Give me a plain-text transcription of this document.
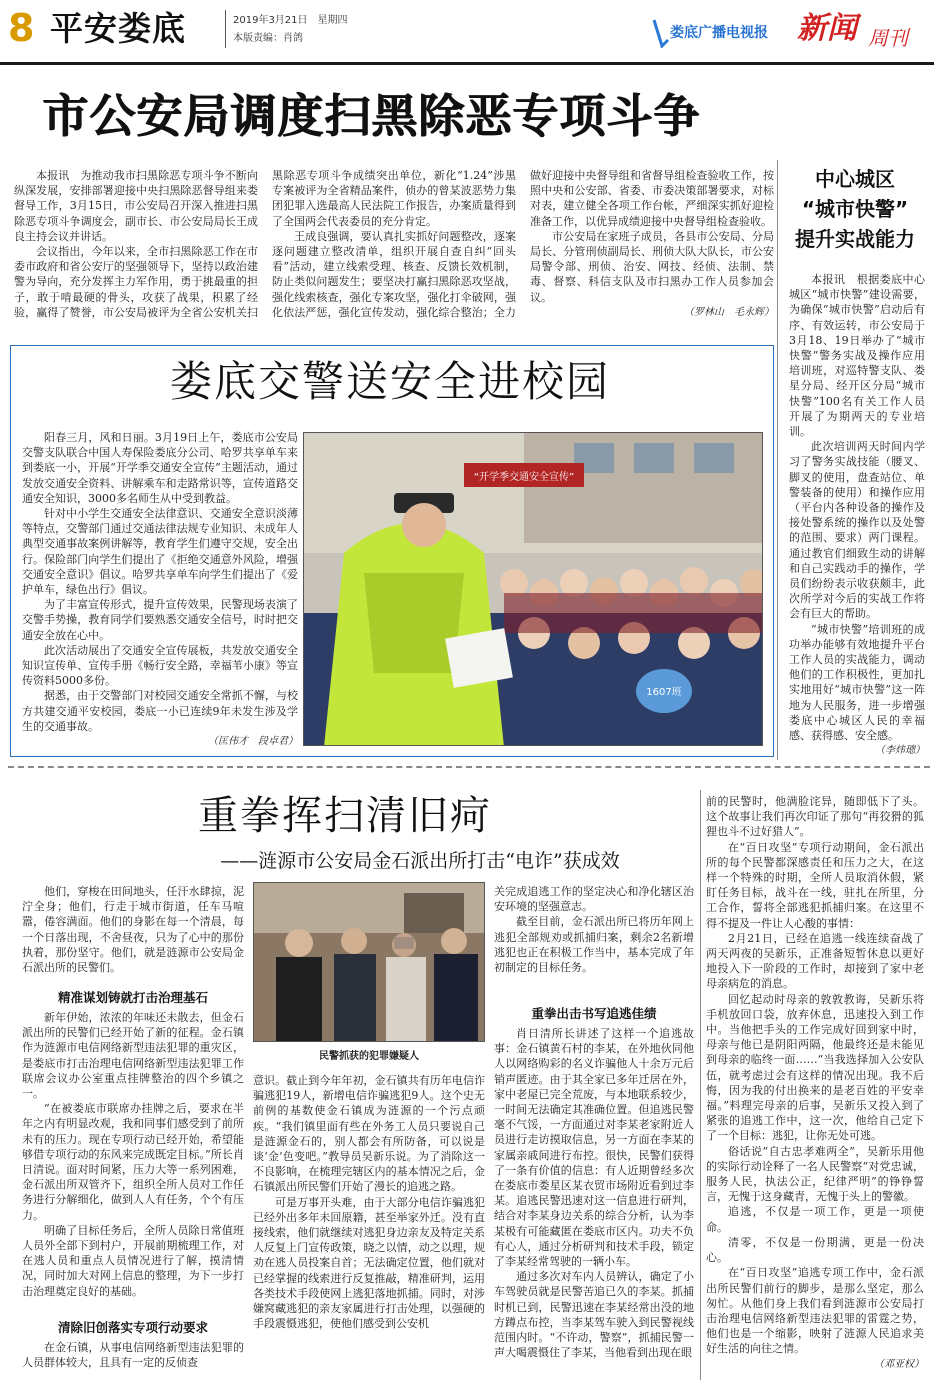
8 平安娄底	2019年3月21日　星期四
本版责编：肖鸽	娄底广播电视报 新闻 周刊
市公安局调度扫黑除恶专项斗争

本报讯　为推动我市扫黑除恶专项斗争不断向纵深发展，安排部署迎接中央扫黑除恶督导组来娄督导工作，3月15日，市公安局召开深入推进扫黑除恶专项斗争调度会，副市长、市公安局局长王成良主持会议并讲话。

会议指出，今年以来，全市扫黑除恶工作在市委市政府和省公安厅的坚强领导下，坚持以政治建警为导向，充分发挥主力军作用，勇于挑最重的担子，敢于啃最硬的骨头，攻获了战果，积累了经验，赢得了赞誉，市公安局被评为全省公安机关扫黑除恶专项斗争成绩突出单位，新化“1.24”涉黑专案被评为全省精品案件，侦办的曾某波恶势力集团犯罪入选最高人民法院工作报告，办案质量得到了全国两会代表委员的充分肯定。

王成良强调，要认真扎实抓好问题整改，逐案逐问题建立整改清单，组织开展自查自纠“回头看”活动，建立线索受理、核查、反馈长效机制，防止类似问题发生；要坚决打赢扫黑除恶攻坚战，强化线索核查，强化专案攻坚，强化打伞破网，强化依法严惩，强化宣传发动，强化综合整治；全力做好迎接中央督导组和省督导组检查验收工作，按照中央和公安部、省委、市委决策部署要求，对标对表，建立健全各项工作台帐，严细深实抓好迎检准备工作，以优异成绩迎接中央督导组检查验收。

市公安局在家班子成员，各县市公安局、分局局长、分管刑侦副局长、刑侦大队大队长，市公安局警令部、刑侦、治安、网技、经侦、法制、禁毒、督察、科信支队及市扫黑办工作人员参加会议。

（罗林山　毛永辉）
中心城区
“城市快警”
提升实战能力

本报讯　根据娄底中心城区“城市快警”建设需要，为确保“城市快警”启动后有序、有效运转，市公安局于3月18、19日举办了“城市快警”警务实战及操作应用培训班，对巡特警支队、娄星分局、经开区分局“城市快警”100名有关工作人员开展了为期两天的专业培训。

此次培训两天时间内学习了警务实战技能（腰叉、脚叉的使用，盘查站位、单警装备的使用）和操作应用（平台内各种设备的操作及接处警系统的操作以及处警的范围、要求）两门课程。通过教官们细致生动的讲解和自己实践动手的操作，学员们纷纷表示收获颇丰，此次所学对今后的实战工作将会有巨大的帮助。

“城市快警”培训班的成功举办能够有效地提升平台工作人员的实战能力，调动他们的工作积极性，更加扎实地用好“城市快警”这一阵地为人民服务，进一步增强娄底中心城区人民的幸福感、获得感、安全感。

（李炜璁）
娄底交警送安全进校园

阳春三月，风和日丽。3月19日上午，娄底市公安局交警支队联合中国人寿保险娄底分公司、哈罗共享单车来到娄底一小，开展“开学季交通安全宣传”主题活动，通过发放交通安全资料、讲解乘车和走路常识等，宣传道路交通安全知识，3000多名师生从中受到教益。

针对中小学生交通安全法律意识、交通安全意识淡薄等特点，交警部门通过交通法律法规专业知识、未成年人典型交通事故案例讲解等，教育学生们遵守交规，安全出行。保险部门向学生们提出了《拒绝交通意外风险，增强交通安全意识》倡议。哈罗共享单车向学生们提出了《爱护单车，绿色出行》倡议。

为了丰富宣传形式，提升宣传效果，民警现场表演了交警手势操，教育同学们要熟悉交通安全信号，时时把交通安全放在心中。

此次活动展出了交通安全宣传展板，共发放交通安全知识宣传单、宣传手册《畅行安全路，幸福苇小康》等宣传资料5000多份。

据悉，由于交警部门对校园交通安全常抓不懈，与校方共建交通平安校园，娄底一小已连续9年未发生涉及学生的交通事故。

（匡伟才　段卓君）
“开学季交通安全宣传”
1607班
重拳挥扫清旧疴
——涟源市公安局金石派出所打击“电诈”获成效

他们，穿梭在田间地头，任汗水肆掠，泥泞全身；他们，行走于城市街道，任车马喧嚣，倦容满面。他们的身影在每一个清晨，每一个日落出现，不舍昼夜，只为了心中的那份执着，那份坚守。他们，就是涟源市公安局金石派出所的民警们。

精准谋划铸就打击治理基石

新年伊始，浓浓的年味还未散去，但金石派出所的民警们已经开始了新的征程。金石镇作为涟源市电信网络新型违法犯罪的重灾区，是娄底市打击治理电信网络新型违法犯罪工作联席会议办公室重点挂牌整治的四个乡镇之一。

“在被娄底市联席办挂牌之后，要求在半年之内有明显改观，我和同事们感受到了前所未有的压力。现在专项行动已经开始，希望能够借专项行动的东风来完成既定目标。”所长肖日清说。面对时间紧，压力大等一系列困难，金石派出所双管齐下，组织全所人员对工作任务进行分解细化，做到人人有任务，个个有压力。

明确了目标任务后，全所人员除日常值班人员外全部下到村户，开展前期梳理工作，对在逃人员和重点人员情况进行了解，摸清情况，同时加大对网上信息的整理，为下一步打击治理奠定良好的基础。

清除旧创落实专项行动要求

在金石镇，从事电信网络新型违法犯罪的人员群体较大，且具有一定的反侦查

民警抓获的犯罪嫌疑人

意识。截止到今年年初，金石镇共有历年电信诈骗逃犯19人，新增电信诈骗逃犯9人。这个史无前例的基数使金石镇成为涟源的一个污点顽疾。“我们镇里面有些在外务工人员只要说自己是涟源金石的，别人都会有所防备，可以说是谈‘金’色变吧。”教导员吴新乐说。为了消除这一不良影响，在梳理完辖区内的基本情况之后，金石镇派出所民警们开始了漫长的追逃之路。

可是万事开头难，由于大部分电信诈骗逃犯已经外出多年未回原籍，甚至举家外迁。没有直接线索，他们就继续对逃犯身边亲友及特定关系人反复上门宣传政策，晓之以情，动之以理，规劝在逃人员投案自首；无法确定位置，他们就对已经掌握的线索进行反复推敲，精准研判，运用各类技术手段使网上逃犯落地抓捕。同时，对涉嫌窝藏逃犯的亲友家属进行打击处理，以强硬的手段震慑逃犯，使他们感受到公安机

关完成追逃工作的坚定决心和净化辖区治安环境的坚强意志。

截至目前，金石派出所已将历年网上逃犯全部规劝或抓捕归案，剩余2名新增逃犯也正在积极工作当中，基本完成了年初制定的目标任务。

重拳出击书写追逃佳绩

肖日清所长讲述了这样一个追逃故事：金石镇黄石村的李某，在外地伙同他人以网络购彩的名义诈骗他人十余万元后销声匿迹。由于其全家已多年迁居在外，家中老屋已完全荒废，与本地联系较少，一时间无法确定其准确位置。但追逃民警毫不气馁，一方面通过对李某老家附近人员进行走访摸取信息，另一方面在李某的家属亲戚间进行布控。很快，民警们获得了一条有价值的信息：有人近期曾经多次在娄底市娄星区某衣贸市场附近看到过李某。追逃民警迅速对这一信息进行研判，结合对李某身边关系的综合分析，认为李某极有可能藏匿在娄底市区内。功夫不负有心人，通过分析研判和技术手段，锁定了李某经常驾驶的一辆小车。

通过多次对车内人员辨认，确定了小车驾驶员就是民警苦追已久的李某。抓捕时机已到，民警迅速在李某经常出没的地方蹲点布控，当李某驾车驶入到民警视线范围内时。“不许动，警察”，抓捕民警一声大喝震慑住了李某，当他看到出现在眼

前的民警时，他满脸诧异，随即低下了头。这个故事让我们再次印证了那句“再狡猾的狐狸也斗不过好猎人”。

在“百日攻坚”专项行动期间，金石派出所的每个民警都深感责任和压力之大，在这样一个特殊的时期，全所人员取消休假，紧盯任务目标，战斗在一线，驻扎在所里，分工合作，誓将全部逃犯抓捕归案。在这里不得不提及一件让人心酸的事情：

2月21日，已经在追逃一线连续奋战了两天两夜的吴新乐，正准备短暂休息以更好地投入下一阶段的工作时，却接到了家中老母亲病危的消息。

回忆起动时母亲的敦敦教诲，吴新乐将手机放回口袋，放弃休息，迅速投入到工作中。当他把手头的工作完成好回到家中时，母亲与他已是阴阳两隔，他最终还是未能见到母亲的临终一面……“当我选择加入公安队伍，就考虑过会有这样的情况出现。我不后悔，因为我的付出换来的是老百姓的平安幸福。”料理完母亲的后事，吴新乐又投入到了紧张的追逃工作中，这一次，他给自己定下了一个目标：逃犯，让你无处可逃。

俗话说“自古忠孝难两全”，吴新乐用他的实际行动诠释了一名人民警察“对党忠诚，服务人民，执法公正，纪律严明”的铮铮誓言，无愧于这身藏青，无愧于头上的警徽。

追逃，不仅是一项工作，更是一项使命。

清零，不仅是一份期满，更是一份决心。

在“百日攻坚”追逃专项工作中，金石派出所民警们前行的脚步，是那么坚定，那么匆忙。从他们身上我们看到涟源市公安局打击治理电信网络新型违法犯罪的雷霆之势，他们也是一个缩影，映射了涟源人民追求美好生活的向往之情。

（邓亚权）
